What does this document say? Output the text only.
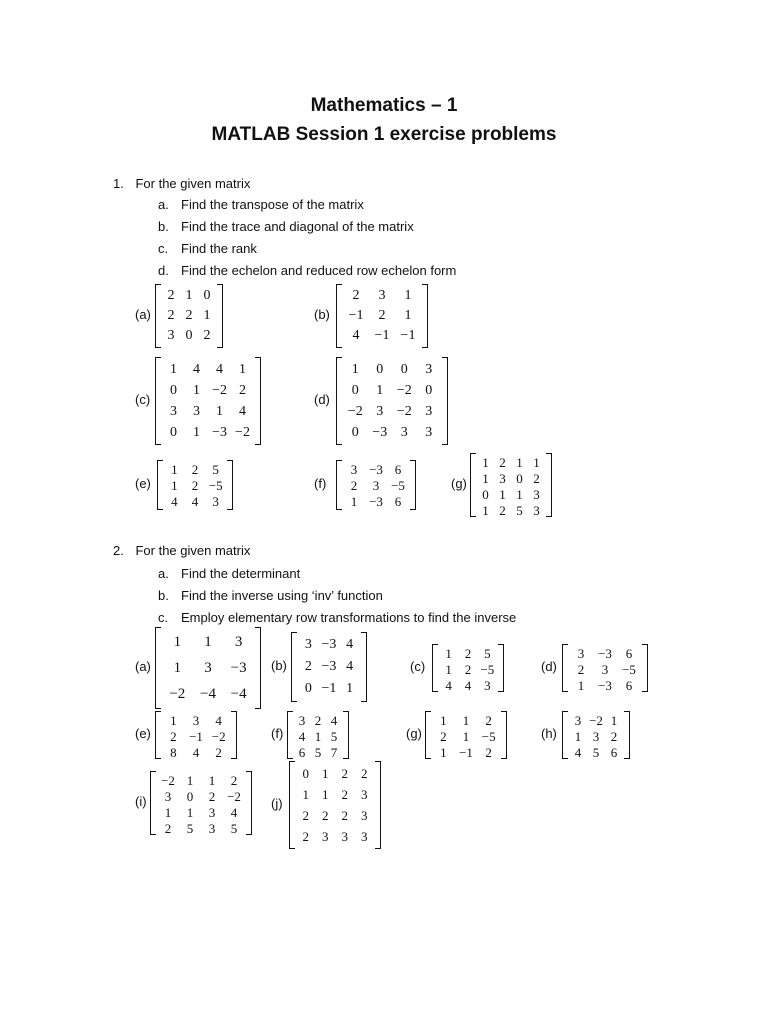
Mathematics – 1
MATLAB Session 1 exercise problems
1. For the given matrix
a. Find the transpose of the matrix
b. Find the trace and diagonal of the matrix
c. Find the rank
d. Find the echelon and reduced row echelon form
2. For the given matrix
a. Find the determinant
b. Find the inverse using ‘inv’ function
c. Employ elementary row transformations to find the inverse
(a)
2 1 0
2 2 1
3 0 2
(b)
2	3	1
−1	2	1
4	−1 −1
(c)
1	4	4	1
0	1 −2 2
3	3	1	4
0	1 −3 −2
(d)
1	0	0	3
0	1 −2 0
−2 3 −2 3
0 −3 3	3
(e)
1	2	5
1	2 −5
4	4	3
(f)
3 −3 6
2	3 −5
1 −3 6
(g)
1 2 1 1
1 3 0 2
0 1 1 3
1 2 5 3
(a)
1	1	3
1	3	−3
−2 −4 −4
(b)
3 −3 4
2 −3 4
0 −1 1
(c)
1 2 5
1 2 −5
4 4 3
(d)
3	−3	6
2	3	−5
1	−3	6
(e)
1	3	4
2 −1 −2
8	4	2
(f)
3 2 4
4 1 5
6 5 7
(g)
1	1	2
2	1 −5
1 −1 2
(h)
3 −2 1
1 3 2
4 5 6
(i)
−2 1	1	2
3	0	2 −2
1	1	3	4
2	5	3	5
(j)
0	1	2	2
1	1	2	3
2	2	2	3
2	3	3	3
